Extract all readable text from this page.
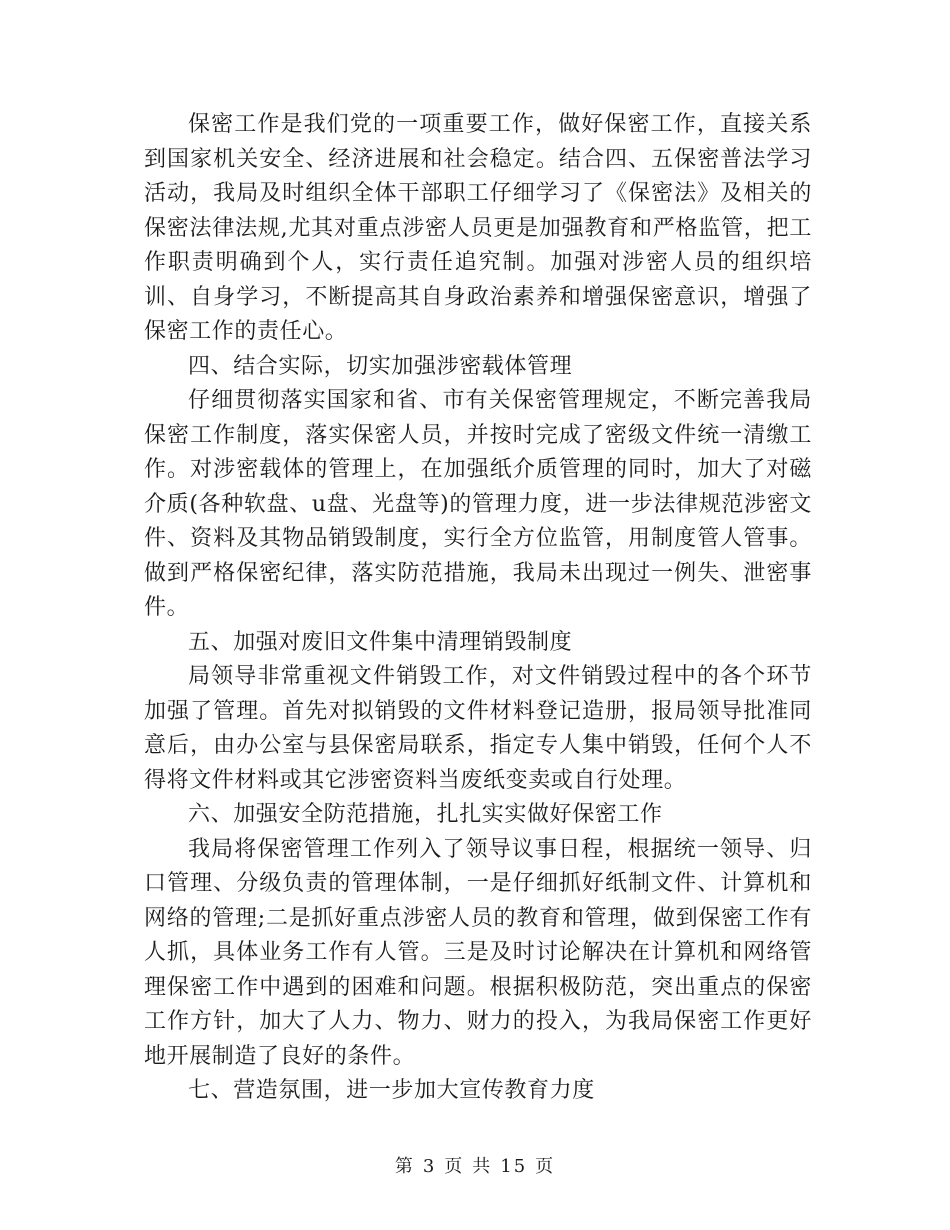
保密工作是我们党的一项重要工作，做好保密工作，直接关系到国家机关安全、经济进展和社会稳定。结合四、五保密普法学习活动，我局及时组织全体干部职工仔细学习了《保密法》及相关的保密法律法规,尤其对重点涉密人员更是加强教育和严格监管，把工作职责明确到个人，实行责任追究制。加强对涉密人员的组织培训、自身学习，不断提高其自身政治素养和增强保密意识，增强了保密工作的责任心。

四、结合实际，切实加强涉密载体管理

仔细贯彻落实国家和省、市有关保密管理规定，不断完善我局保密工作制度，落实保密人员，并按时完成了密级文件统一清缴工作。对涉密载体的管理上，在加强纸介质管理的同时，加大了对磁介质(各种软盘、u盘、光盘等)的管理力度，进一步法律规范涉密文件、资料及其物品销毁制度，实行全方位监管，用制度管人管事。做到严格保密纪律，落实防范措施，我局未出现过一例失、泄密事件。

五、加强对废旧文件集中清理销毁制度

局领导非常重视文件销毁工作，对文件销毁过程中的各个环节加强了管理。首先对拟销毁的文件材料登记造册，报局领导批准同意后，由办公室与县保密局联系，指定专人集中销毁，任何个人不得将文件材料或其它涉密资料当废纸变卖或自行处理。

六、加强安全防范措施，扎扎实实做好保密工作

我局将保密管理工作列入了领导议事日程，根据统一领导、归口管理、分级负责的管理体制，一是仔细抓好纸制文件、计算机和网络的管理;二是抓好重点涉密人员的教育和管理，做到保密工作有人抓，具体业务工作有人管。三是及时讨论解决在计算机和网络管理保密工作中遇到的困难和问题。根据积极防范，突出重点的保密工作方针，加大了人力、物力、财力的投入，为我局保密工作更好地开展制造了良好的条件。

七、营造氛围，进一步加大宣传教育力度

第 3 页 共 15 页
